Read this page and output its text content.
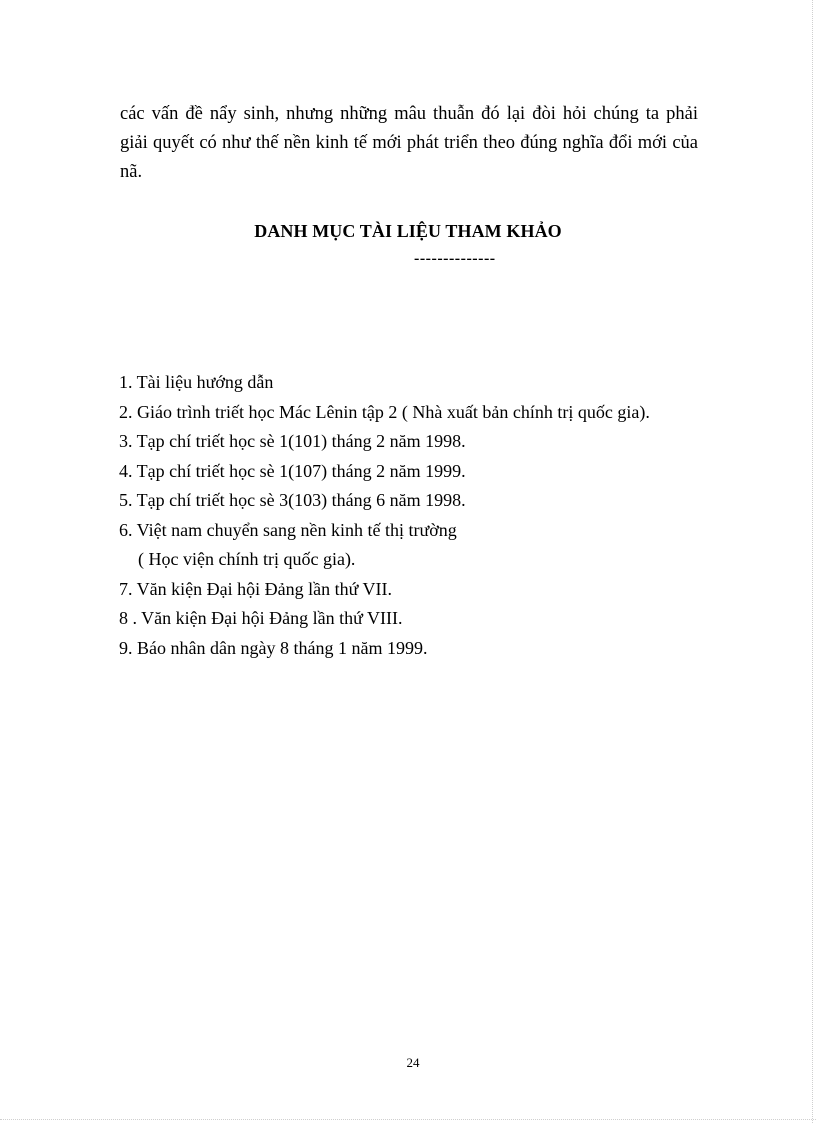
các vấn đề nẩy sinh, nhưng những mâu thuẫn đó lại đòi hỏi chúng ta phải
giải quyết có như thế nền kinh tế mới phát triển theo đúng nghĩa đổi mới của
nã.
DANH MỤC TÀI LIỆU THAM KHẢO
--------------
1. Tài liệu hướng dẫn
2. Giáo trình triết học Mác Lênin tập 2 ( Nhà xuất bản chính trị quốc gia).
3. Tạp chí triết học sè 1(101) tháng 2 năm 1998.
4. Tạp chí triết học sè 1(107) tháng 2 năm 1999.
5. Tạp chí triết học sè 3(103) tháng 6 năm 1998.
6. Việt nam chuyển sang nền kinh tế thị trường
( Học viện chính trị quốc gia).
7. Văn kiện Đại hội Đảng lần thứ VII.
8 . Văn kiện Đại hội Đảng lần thứ VIII.
9. Báo nhân dân ngày 8 tháng 1 năm 1999.
24
